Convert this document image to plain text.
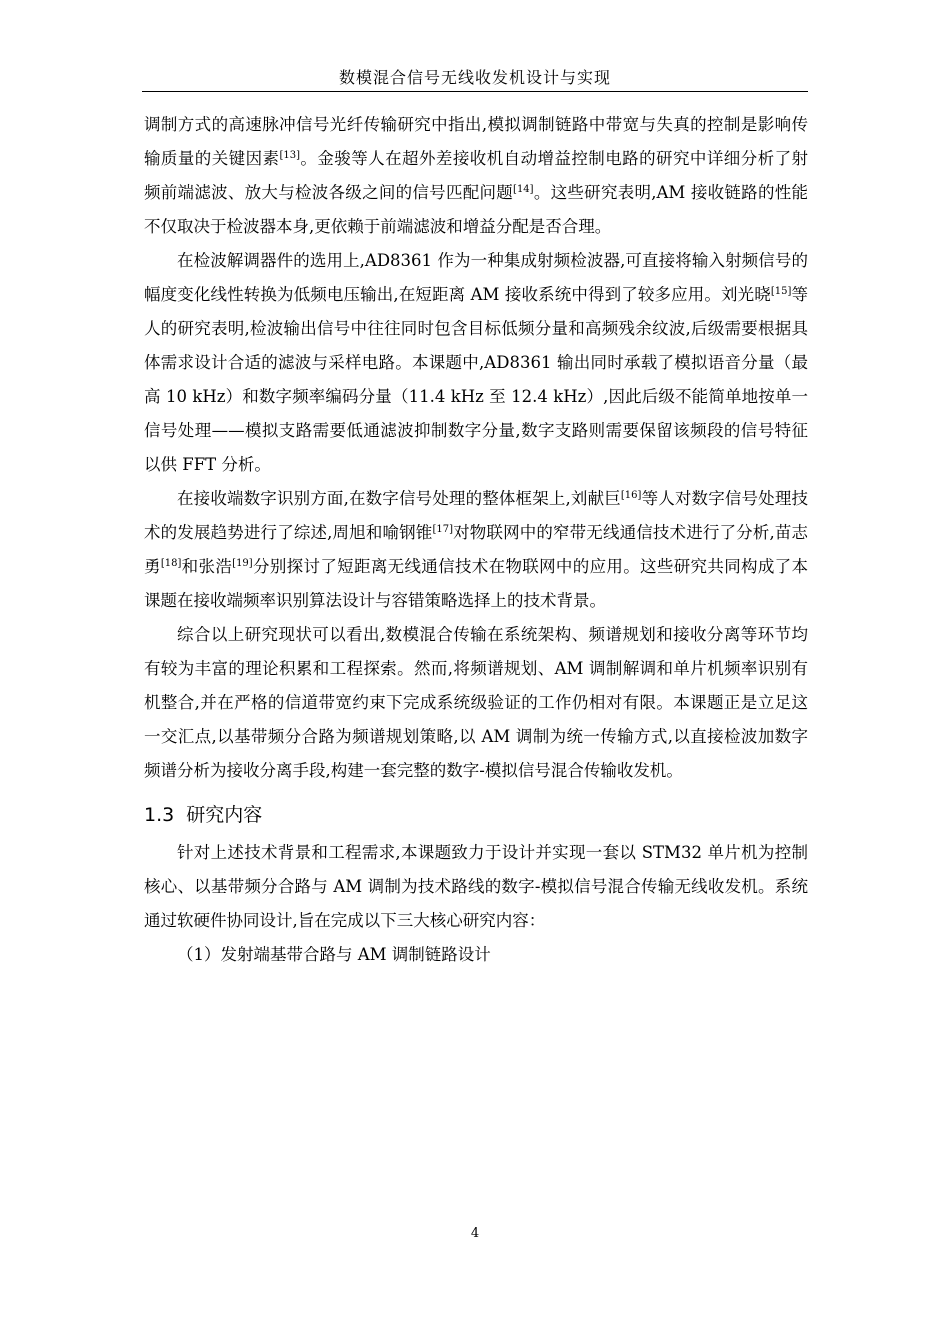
数模混合信号无线收发机设计与实现

调制方式的高速脉冲信号光纤传输研究中指出,模拟调制链路中带宽与失真的控制是影响传输质量的关键因素[13]。金骏等人在超外差接收机自动增益控制电路的研究中详细分析了射频前端滤波、放大与检波各级之间的信号匹配问题[14]。这些研究表明,AM 接收链路的性能不仅取决于检波器本身,更依赖于前端滤波和增益分配是否合理。

在检波解调器件的选用上,AD8361 作为一种集成射频检波器,可直接将输入射频信号的幅度变化线性转换为低频电压输出,在短距离 AM 接收系统中得到了较多应用。刘光晓[15]等人的研究表明,检波输出信号中往往同时包含目标低频分量和高频残余纹波,后级需要根据具体需求设计合适的滤波与采样电路。本课题中,AD8361 输出同时承载了模拟语音分量（最高 10 kHz）和数字频率编码分量（11.4 kHz 至 12.4 kHz）,因此后级不能简单地按单一信号处理——模拟支路需要低通滤波抑制数字分量,数字支路则需要保留该频段的信号特征以供 FFT 分析。

在接收端数字识别方面,在数字信号处理的整体框架上,刘献巨[16]等人对数字信号处理技术的发展趋势进行了综述,周旭和喻钢锥[17]对物联网中的窄带无线通信技术进行了分析,苗志勇[18]和张浩[19]分别探讨了短距离无线通信技术在物联网中的应用。这些研究共同构成了本课题在接收端频率识别算法设计与容错策略选择上的技术背景。

综合以上研究现状可以看出,数模混合传输在系统架构、频谱规划和接收分离等环节均有较为丰富的理论积累和工程探索。然而,将频谱规划、AM 调制解调和单片机频率识别有机整合,并在严格的信道带宽约束下完成系统级验证的工作仍相对有限。本课题正是立足这一交汇点,以基带频分合路为频谱规划策略,以 AM 调制为统一传输方式,以直接检波加数字频谱分析为接收分离手段,构建一套完整的数字-模拟信号混合传输收发机。

1.3 研究内容

针对上述技术背景和工程需求,本课题致力于设计并实现一套以 STM32 单片机为控制核心、以基带频分合路与 AM 调制为技术路线的数字-模拟信号混合传输无线收发机。系统通过软硬件协同设计,旨在完成以下三大核心研究内容：

（1）发射端基带合路与 AM 调制链路设计

4
